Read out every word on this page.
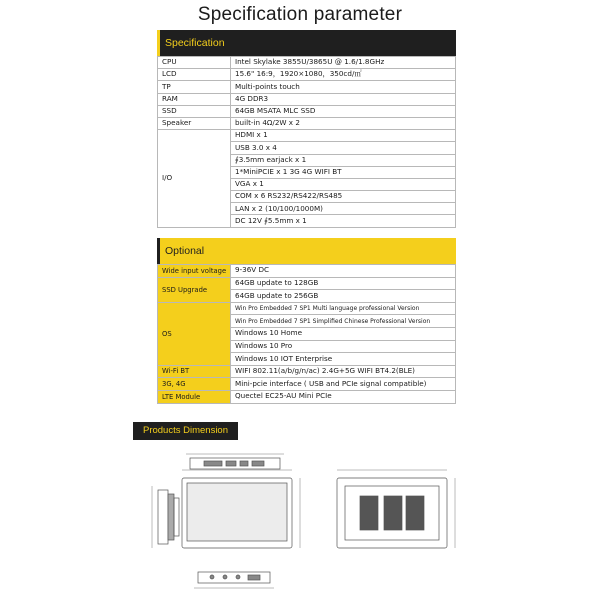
Specification parameter
Specification
CPU	Intel Skylake 3855U/3865U @ 1.6/1.8GHz
LCD	15.6" 16:9，1920×1080，350cd/㎡
TP	Multi-points touch
RAM	4G DDR3
SSD	64GB MSATA MLC SSD
Speaker	built-in 4Ω/2W x 2
I/O	HDMI x 1
	USB 3.0 x 4
	∮3.5mm earjack x 1
	1*MiniPCIE x 1 3G 4G WIFI BT
	VGA x 1
	COM x 6 RS232/RS422/RS485
	LAN x 2 (10/100/1000M)
	DC 12V ∮5.5mm x 1
Optional
Wide input voltage	9-36V DC
SSD Upgrade	64GB update to 128GB
	64GB update to 256GB
OS	Win Pro Embedded 7 SP1 Multi language professional Version
	Win Pro Embedded 7 SP1 Simplified Chinese Professional Version
	Windows 10 Home
	Windows 10 Pro
	Windows 10 IOT Enterprise
Wi-Fi BT	WIFI 802.11(a/b/g/n/ac) 2.4G+5G WIFI BT4.2(BLE)
3G, 4G	Mini-pcie interface ( USB and PCIe signal compatible)
LTE Module	Quectel EC25-AU Mini PCIe
Products Dimension
